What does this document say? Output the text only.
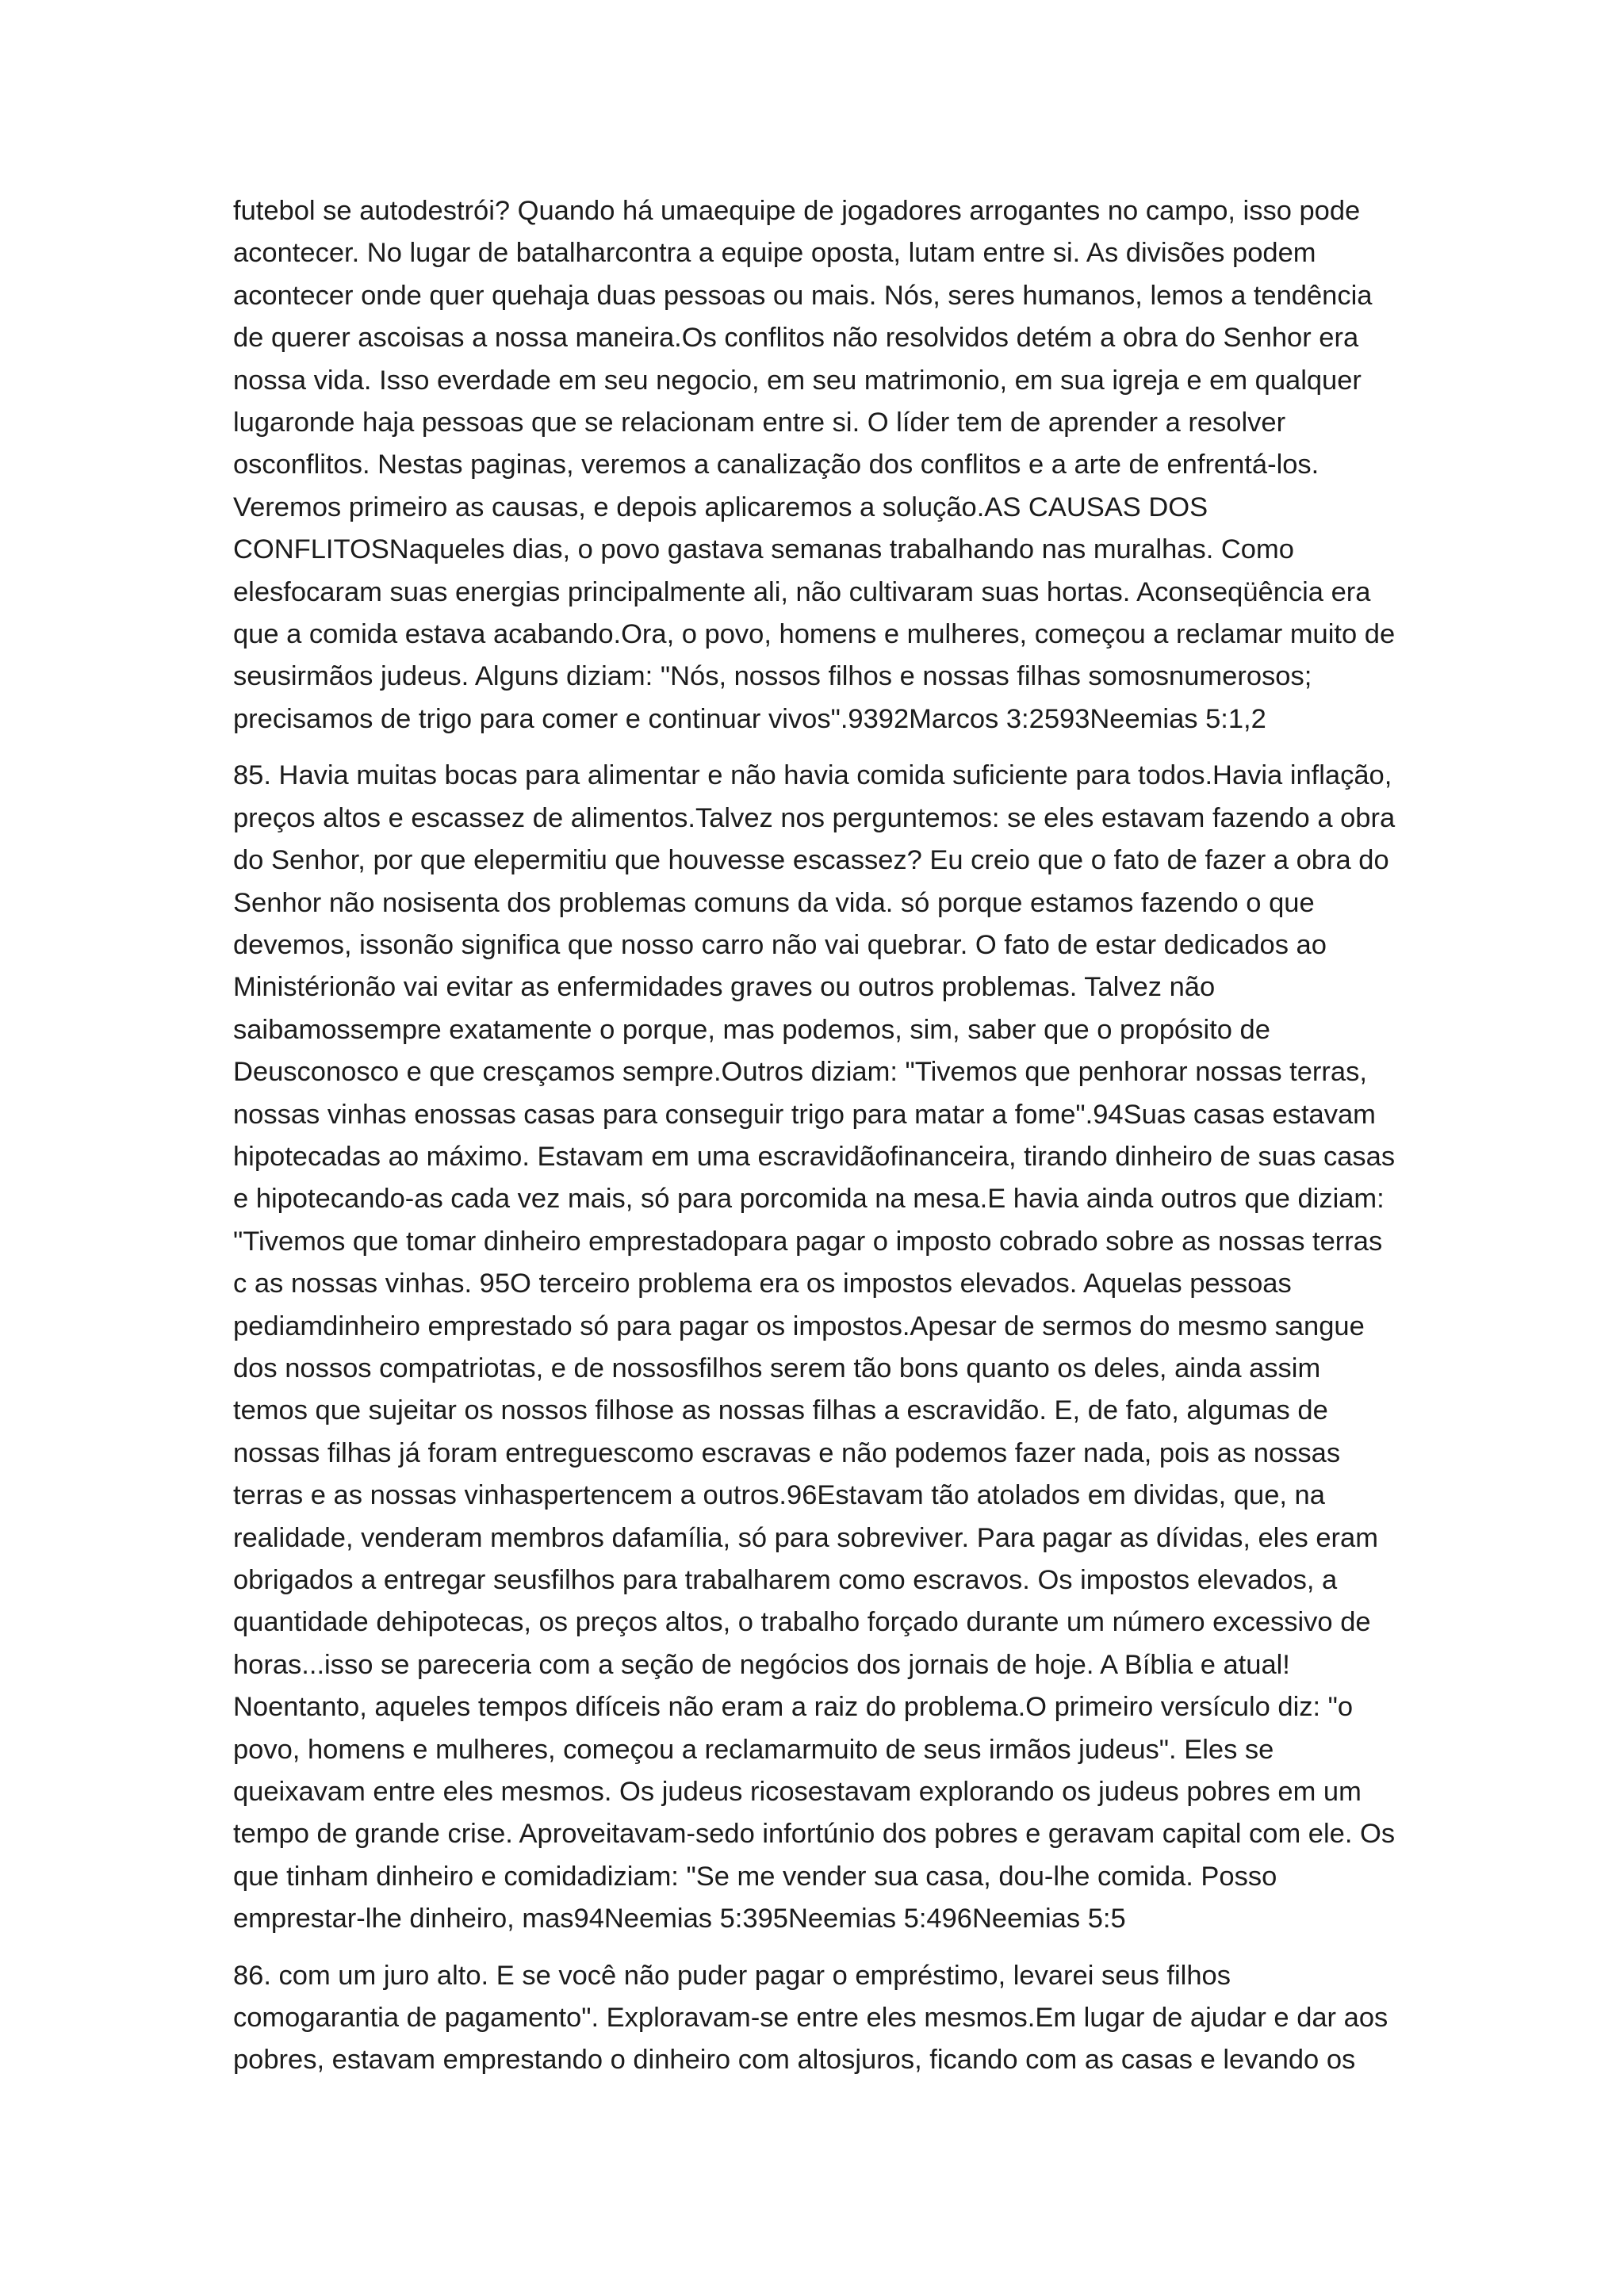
futebol se autodestrói? Quando há umaequipe de jogadores arrogantes no campo, isso pode acontecer. No lugar de batalharcontra a equipe oposta, lutam entre si. As divisões podem acontecer onde quer quehaja duas pessoas ou mais. Nós, seres humanos, lemos a tendência de querer ascoisas a nossa maneira.Os conflitos não resolvidos detém a obra do Senhor era nossa vida. Isso everdade em seu negocio, em seu matrimonio, em sua igreja e em qualquer lugaronde haja pessoas que se relacionam entre si. O líder tem de aprender a resolver osconflitos. Nestas paginas, veremos a canalização dos conflitos e a arte de enfrentá-los. Veremos primeiro as causas, e depois aplicaremos a solução.AS CAUSAS DOS CONFLITOSNaqueles dias, o povo gastava semanas trabalhando nas muralhas. Como elesfocaram suas energias principalmente ali, não cultivaram suas hortas. Aconseqüência era que a comida estava acabando.Ora, o povo, homens e mulheres, começou a reclamar muito de seusirmãos judeus. Alguns diziam: "Nós, nossos filhos e nossas filhas somosnumerosos; precisamos de trigo para comer e continuar vivos".9392Marcos 3:2593Neemias 5:1,2

85. Havia muitas bocas para alimentar e não havia comida suficiente para todos.Havia inflação, preços altos e escassez de alimentos.Talvez nos perguntemos: se eles estavam fazendo a obra do Senhor, por que elepermitiu que houvesse escassez? Eu creio que o fato de fazer a obra do Senhor não nosisenta dos problemas comuns da vida. só porque estamos fazendo o que devemos, issonão significa que nosso carro não vai quebrar. O fato de estar dedicados ao Ministérionão vai evitar as enfermidades graves ou outros problemas. Talvez não saibamossempre exatamente o porque, mas podemos, sim, saber que o propósito de Deusconosco e que cresçamos sempre.Outros diziam: "Tivemos que penhorar nossas terras, nossas vinhas enossas casas para conseguir trigo para matar a fome".94Suas casas estavam hipotecadas ao máximo. Estavam em uma escravidãofinanceira, tirando dinheiro de suas casas e hipotecando-as cada vez mais, só para porcomida na mesa.E havia ainda outros que diziam: "Tivemos que tomar dinheiro emprestadopara pagar o imposto cobrado sobre as nossas terras c as nossas vinhas. 95O terceiro problema era os impostos elevados. Aquelas pessoas pediamdinheiro emprestado só para pagar os impostos.Apesar de sermos do mesmo sangue dos nossos compatriotas, e de nossosfilhos serem tão bons quanto os deles, ainda assim temos que sujeitar os nossos filhose as nossas filhas a escravidão. E, de fato, algumas de nossas filhas já foram entreguescomo escravas e não podemos fazer nada, pois as nossas terras e as nossas vinhaspertencem a outros.96Estavam tão atolados em dividas, que, na realidade, venderam membros dafamília, só para sobreviver. Para pagar as dívidas, eles eram obrigados a entregar seusfilhos para trabalharem como escravos. Os impostos elevados, a quantidade dehipotecas, os preços altos, o trabalho forçado durante um número excessivo de horas...isso se pareceria com a seção de negócios dos jornais de hoje. A Bíblia e atual! Noentanto, aqueles tempos difíceis não eram a raiz do problema.O primeiro versículo diz: "o povo, homens e mulheres, começou a reclamarmuito de seus irmãos judeus". Eles se queixavam entre eles mesmos. Os judeus ricosestavam explorando os judeus pobres em um tempo de grande crise. Aproveitavam-sedo infortúnio dos pobres e geravam capital com ele. Os que tinham dinheiro e comidadiziam: "Se me vender sua casa, dou-lhe comida. Posso emprestar-lhe dinheiro, mas94Neemias 5:395Neemias 5:496Neemias 5:5

86. com um juro alto. E se você não puder pagar o empréstimo, levarei seus filhos comogarantia de pagamento". Exploravam-se entre eles mesmos.Em lugar de ajudar e dar aos pobres, estavam emprestando o dinheiro com altosjuros, ficando com as casas e levando os
